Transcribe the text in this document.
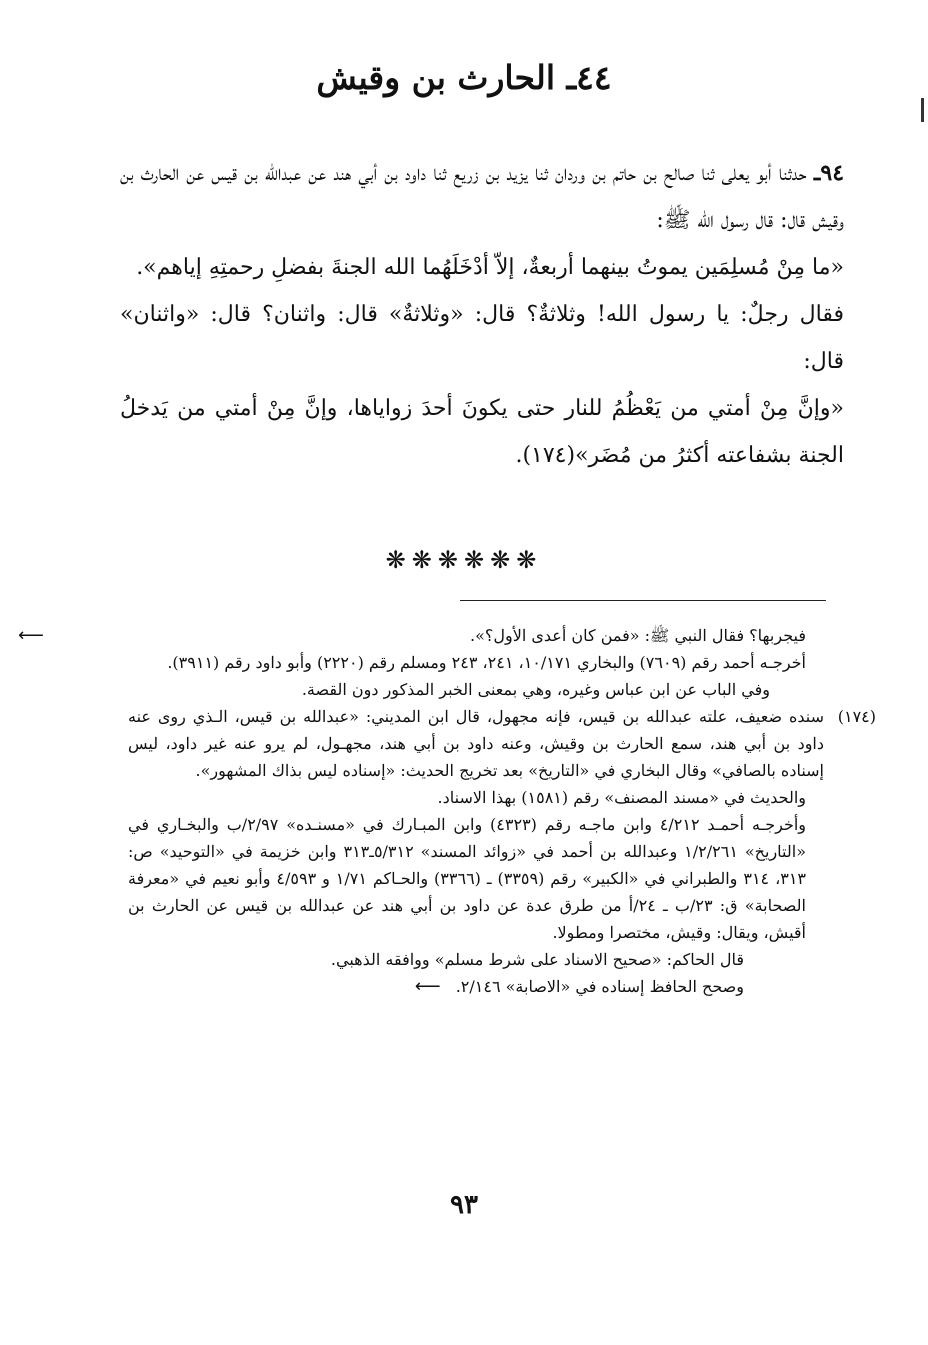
٤٤ـ الحارث بن وقيش

٩٤ـ حدثنا أبو يعلى ثنا صالح بن حاتم بن وردان ثنا يزيد بن زريع ثنا داود بن أبي هند عن عبدالله بن قيس عن الحارث بن وقيش قال: قال رسول الله ﷺ:

«ما مِنْ مُسلِمَين يموتُ بينهما أربعةٌ، إلاّ أدْخَلَهُما الله الجنةَ بفضلِ رحمتِهِ إياهم».

فقال رجلٌ: يا رسول الله! وثلاثةٌ؟ قال: «وثلاثةٌ» قال: واثنان؟ قال: «واثنان» قال:

«وإنَّ مِنْ أمتي من يَعْظُمُ للنار حتى يكونَ أحدَ زواياها، وإنَّ مِنْ أمتي من يَدخلُ الجنة بشفاعته أكثرُ من مُضَر»(١٧٤).

❋❋❋❋❋❋
⟵	فيجربها؟ فقال النبي ﷺ: «فمن كان أعدى الأول؟».

أخرجـه أحمد رقم (٧٦٠٩) والبخاري ١٠/١٧١، ٢٤١، ٢٤٣ ومسلم رقم (٢٢٢٠) وأبو داود رقم (٣٩١١).

وفي الباب عن ابن عباس وغيره، وهي بمعنى الخبر المذكور دون القصة.

(١٧٤)
سنده ضعيف، علته عبدالله بن قيس، فإنه مجهول، قال ابن المديني: «عبدالله بن قيس، الـذي روى عنه داود بن أبي هند، سمع الحارث بن وقيش، وعنه داود بن أبي هند، مجهـول، لم يرو عنه غير داود، ليس إسناده بالصافي» وقال البخاري في «التاريخ» بعد تخريج الحديث: «إسناده ليس بذاك المشهور».

والحديث في «مسند المصنف» رقم (١٥٨١) بهذا الاسناد.

وأخرجـه أحمـد ٤/٢١٢ وابن ماجـه رقم (٤٣٢٣) وابن المبـارك في «مسنـده» ٢/٩٧/ب والبخـاري في «التاريخ» ١/٢/٢٦١ وعبدالله بن أحمد في «زوائد المسند» ٥/٣١٢ـ٣١٣ وابن خزيمة في «التوحيد» ص: ٣١٣، ٣١٤ والطبراني في «الكبير» رقم (٣٣٥٩) ـ (٣٣٦٦) والحـاكم ١/٧١ و ٤/٥٩٣ وأبو نعيم في «معرفة الصحابة» ق: ٢٣/ب ـ ٢٤/أ من طرق عدة عن داود بن أبي هند عن عبدالله بن قيس عن الحارث بن أقيش، ويقال: وقيش، مختصرا ومطولا.

قال الحاكم: «صحيح الاسناد على شرط مسلم» ووافقه الذهبي.

وصحح الحافظ إسناده في «الاصابة» ٢/١٤٦. ⟵

٩٣
